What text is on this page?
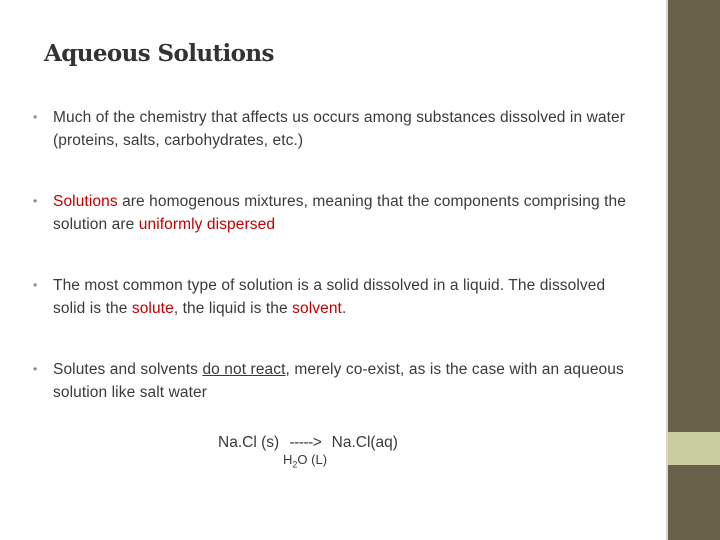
Aqueous Solutions
• Much of the chemistry that affects us occurs among substances dissolved in water (proteins, salts, carbohydrates, etc.)
• Solutions are homogenous mixtures, meaning that the components comprising the solution are uniformly dispersed
• The most common type of solution is a solid dissolved in a liquid. The dissolved solid is the solute, the liquid is the solvent.
• Solutes and solvents do not react, merely co-exist, as is the case with an aqueous solution like salt water
Na.Cl (s) -----> Na.Cl(aq)
$H_2O$ (L)
